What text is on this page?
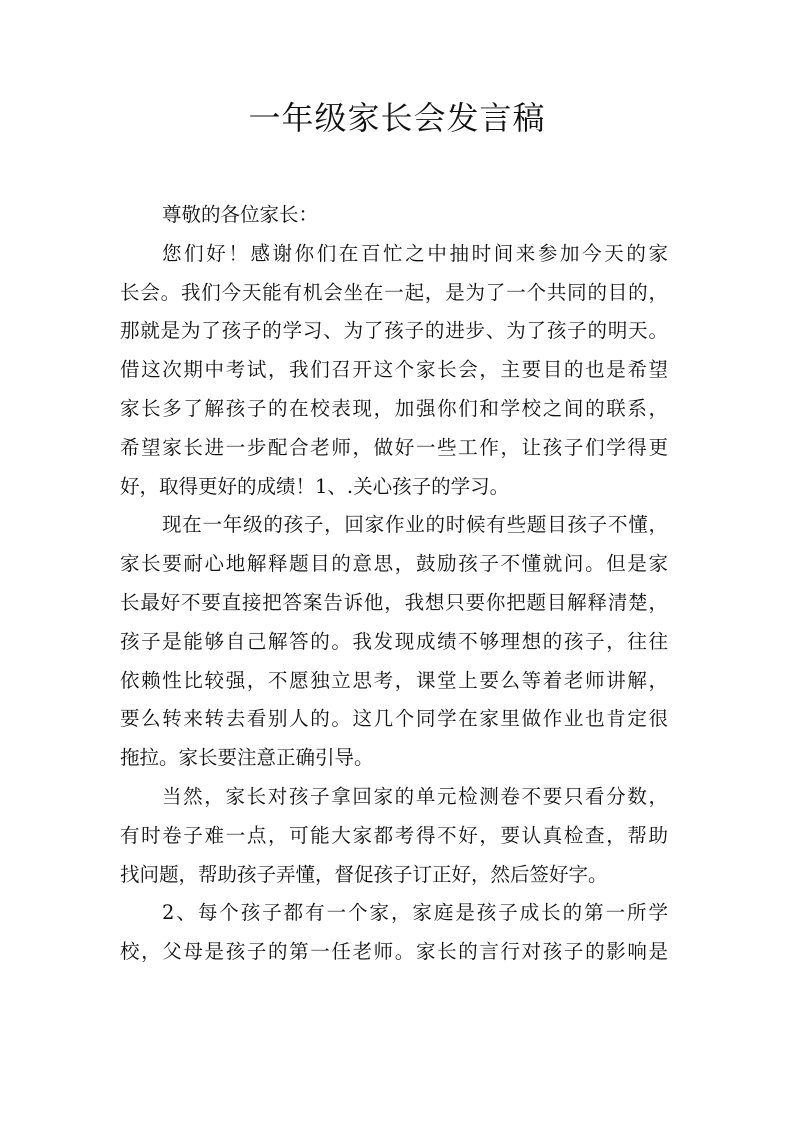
一年级家长会发言稿
尊敬的各位家长：
您们好！感谢你们在百忙之中抽时间来参加今天的家
长会。我们今天能有机会坐在一起，是为了一个共同的目的，
那就是为了孩子的学习、为了孩子的进步、为了孩子的明天。
借这次期中考试，我们召开这个家长会，主要目的也是希望
家长多了解孩子的在校表现，加强你们和学校之间的联系，
希望家长进一步配合老师，做好一些工作，让孩子们学得更
好，取得更好的成绩！1、.关心孩子的学习。
现在一年级的孩子，回家作业的时候有些题目孩子不懂，
家长要耐心地解释题目的意思，鼓励孩子不懂就问。但是家
长最好不要直接把答案告诉他，我想只要你把题目解释清楚，
孩子是能够自己解答的。我发现成绩不够理想的孩子，往往
依赖性比较强，不愿独立思考，课堂上要么等着老师讲解，
要么转来转去看别人的。这几个同学在家里做作业也肯定很
拖拉。家长要注意正确引导。
当然，家长对孩子拿回家的单元检测卷不要只看分数，
有时卷子难一点，可能大家都考得不好，要认真检查，帮助
找问题，帮助孩子弄懂，督促孩子订正好，然后签好字。
2、每个孩子都有一个家，家庭是孩子成长的第一所学
校，父母是孩子的第一任老师。家长的言行对孩子的影响是
